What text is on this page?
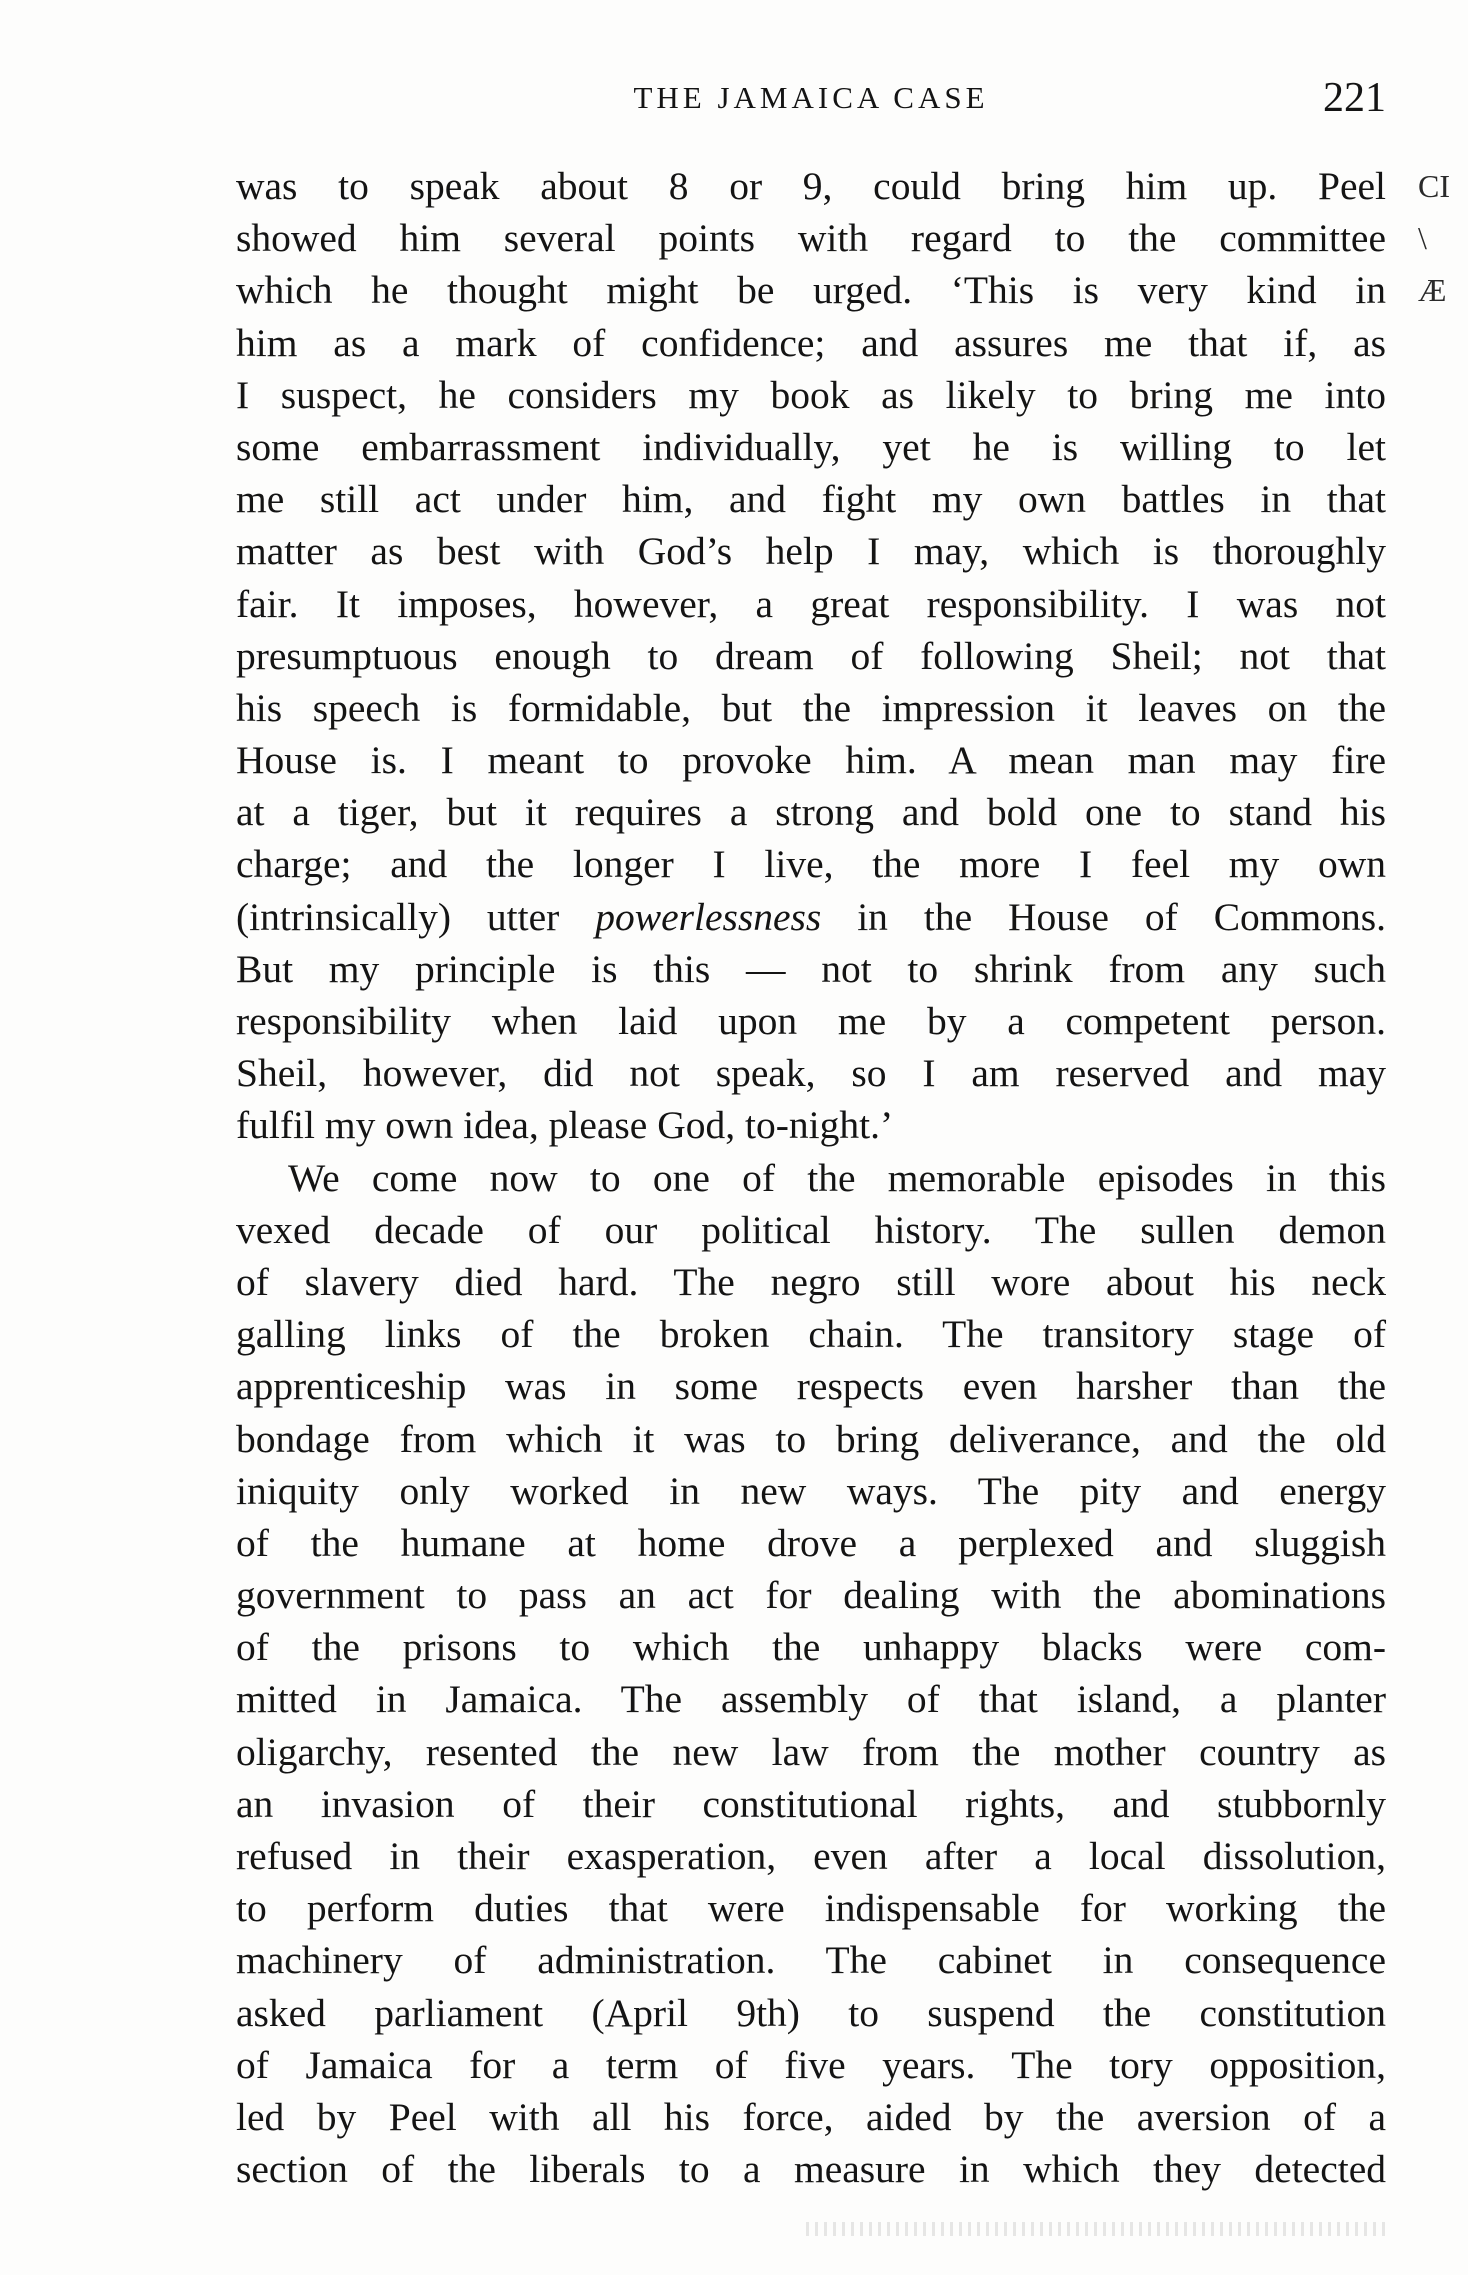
THE JAMAICA CASE	221
was to speak about 8 or 9, could bring him up. Peel
showed him several points with regard to the committee
which he thought might be urged. ‘This is very kind in
him as a mark of confidence; and assures me that if, as
I suspect, he considers my book as likely to bring me into
some embarrassment individually, yet he is willing to let
me still act under him, and fight my own battles in that
matter as best with God’s help I may, which is thoroughly
fair. It imposes, however, a great responsibility. I was not
presumptuous enough to dream of following Sheil; not that
his speech is formidable, but the impression it leaves on the
House is. I meant to provoke him. A mean man may fire
at a tiger, but it requires a strong and bold one to stand his
charge; and the longer I live, the more I feel my own
(intrinsically) utter powerlessness in the House of Commons.
But my principle is this — not to shrink from any such
responsibility when laid upon me by a competent person.
Sheil, however, did not speak, so I am reserved and may
fulfil my own idea, please God, to-night.’
We come now to one of the memorable episodes in this
vexed decade of our political history. The sullen demon
of slavery died hard. The negro still wore about his neck
galling links of the broken chain. The transitory stage of
apprenticeship was in some respects even harsher than the
bondage from which it was to bring deliverance, and the old
iniquity only worked in new ways. The pity and energy
of the humane at home drove a perplexed and sluggish
government to pass an act for dealing with the abominations
of the prisons to which the unhappy blacks were com-
mitted in Jamaica. The assembly of that island, a planter
oligarchy, resented the new law from the mother country as
an invasion of their constitutional rights, and stubbornly
refused in their exasperation, even after a local dissolution,
to perform duties that were indispensable for working the
machinery of administration. The cabinet in consequence
asked parliament (April 9th) to suspend the constitution
of Jamaica for a term of five years. The tory opposition,
led by Peel with all his force, aided by the aversion of a
section of the liberals to a measure in which they detected
CI
\
Æ
